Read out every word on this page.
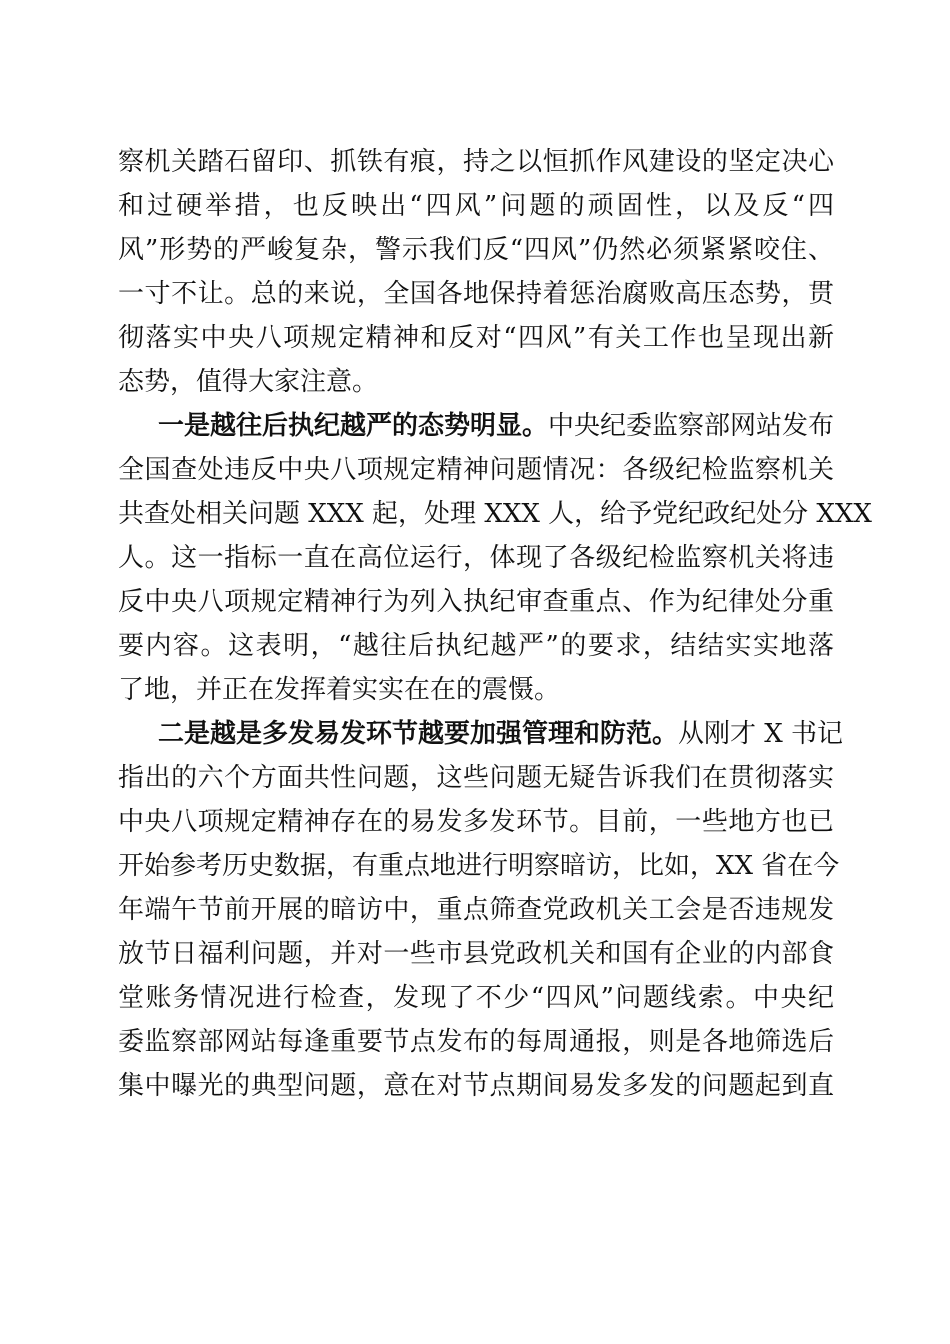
察机关踏石留印、抓铁有痕，持之以恒抓作风建设的坚定决心
和过硬举措，也反映出“四风”问题的顽固性，以及反“四
风”形势的严峻复杂，警示我们反“四风”仍然必须紧紧咬住、
一寸不让。总的来说，全国各地保持着惩治腐败高压态势，贯
彻落实中央八项规定精神和反对“四风”有关工作也呈现出新
态势，值得大家注意。
一是越往后执纪越严的态势明显。中央纪委监察部网站发布
全国查处违反中央八项规定精神问题情况：各级纪检监察机关
共查处相关问题 XXX 起，处理 XXX 人，给予党纪政纪处分 XXX
人。这一指标一直在高位运行，体现了各级纪检监察机关将违
反中央八项规定精神行为列入执纪审查重点、作为纪律处分重
要内容。这表明，“越往后执纪越严”的要求，结结实实地落
了地，并正在发挥着实实在在的震慑。
二是越是多发易发环节越要加强管理和防范。从刚才 X 书记
指出的六个方面共性问题，这些问题无疑告诉我们在贯彻落实
中央八项规定精神存在的易发多发环节。目前，一些地方也已
开始参考历史数据，有重点地进行明察暗访，比如，XX 省在今
年端午节前开展的暗访中，重点筛查党政机关工会是否违规发
放节日福利问题，并对一些市县党政机关和国有企业的内部食
堂账务情况进行检查，发现了不少“四风”问题线索。中央纪
委监察部网站每逢重要节点发布的每周通报，则是各地筛选后
集中曝光的典型问题，意在对节点期间易发多发的问题起到直
